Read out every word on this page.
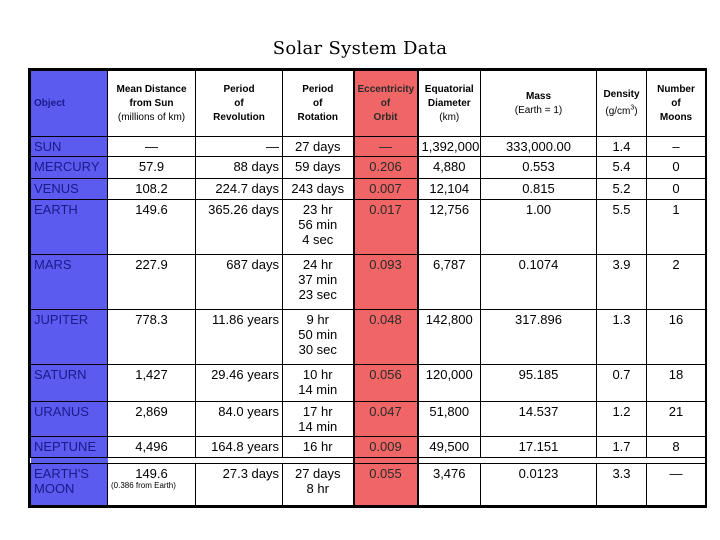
Solar System Data
Object	Mean Distance
from Sun
(millions of km)	Period
of
Revolution	Period
of
Rotation	Eccentricity
of
Orbit	Equatorial
Diameter
(km)	Mass
(Earth = 1)	Density
$(g/cm^3)$	Number
of
Moons
SUN	—	—	27 days	—	1,392,000	333,000.00	1.4	–
MERCURY	57.9	88 days	59 days	0.206	4,880	0.553	5.4	0
VENUS	108.2	224.7 days	243 days	0.007	12,104	0.815	5.2	0
EARTH	149.6	365.26 days	23 hr
56 min
4 sec	0.017	12,756	1.00	5.5	1
MARS	227.9	687 days	24 hr
37 min
23 sec	0.093	6,787	0.1074	3.9	2
JUPITER	778.3	11.86 years	9 hr
50 min
30 sec	0.048	142,800	317.896	1.3	16
SATURN	1,427	29.46 years	10 hr
14 min	0.056	120,000	95.185	0.7	18
URANUS	2,869	84.0 years	17 hr
14 min	0.047	51,800	14.537	1.2	21
NEPTUNE	4,496	164.8 years	16 hr	0.009	49,500	17.151	1.7	8

EARTH'S
MOON	149.6
(0.386 from Earth)	27.3 days	27 days
8 hr	0.055	3,476	0.0123	3.3	—
